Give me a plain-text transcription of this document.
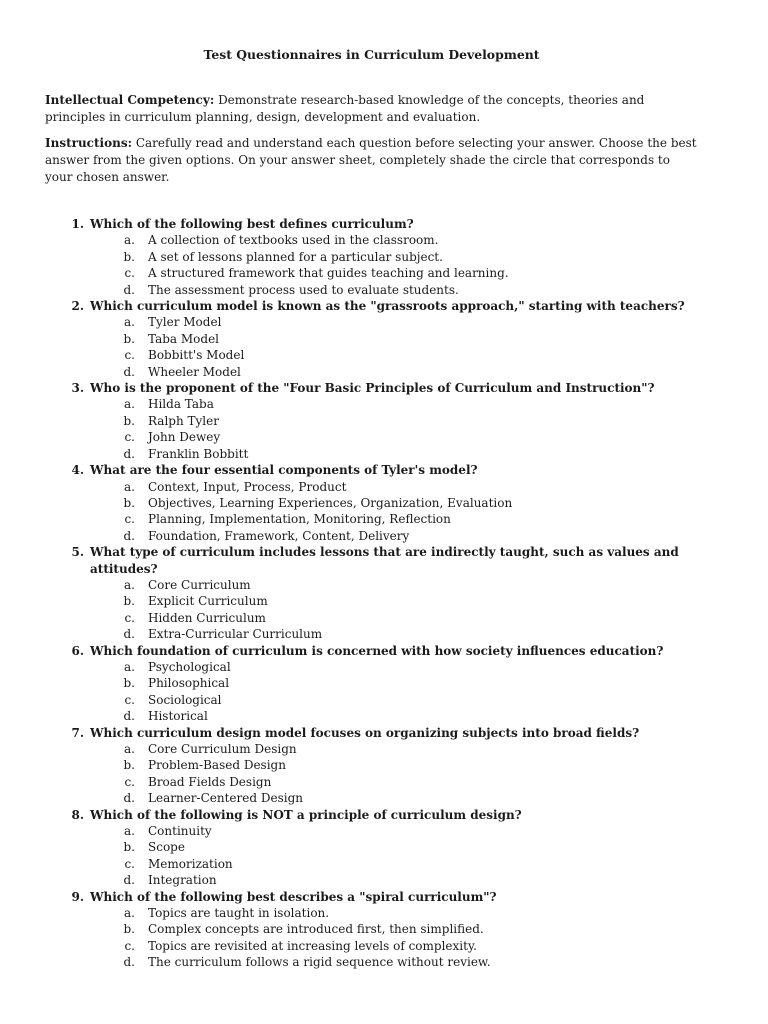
Test Questionnaires in Curriculum Development

Intellectual Competency: Demonstrate research-based knowledge of the concepts, theories and principles in curriculum planning, design, development and evaluation.

Instructions: Carefully read and understand each question before selecting your answer. Choose the best answer from the given options. On your answer sheet, completely shade the circle that corresponds to your chosen answer.

1. Which of the following best defines curriculum?
a.	A collection of textbooks used in the classroom.
b.	A set of lessons planned for a particular subject.
c.	A structured framework that guides teaching and learning.
d.	The assessment process used to evaluate students.
2. Which curriculum model is known as the "grassroots approach," starting with teachers?
a.	Tyler Model
b.	Taba Model
c.	Bobbitt's Model
d.	Wheeler Model
3. Who is the proponent of the "Four Basic Principles of Curriculum and Instruction"?
a.	Hilda Taba
b.	Ralph Tyler
c.	John Dewey
d.	Franklin Bobbitt
4. What are the four essential components of Tyler's model?
a.	Context, Input, Process, Product
b.	Objectives, Learning Experiences, Organization, Evaluation
c.	Planning, Implementation, Monitoring, Reflection
d.	Foundation, Framework, Content, Delivery
5. What type of curriculum includes lessons that are indirectly taught, such as values and attitudes?
a.	Core Curriculum
b.	Explicit Curriculum
c.	Hidden Curriculum
d.	Extra-Curricular Curriculum
6. Which foundation of curriculum is concerned with how society influences education?
a.	Psychological
b.	Philosophical
c.	Sociological
d.	Historical
7. Which curriculum design model focuses on organizing subjects into broad fields?
a.	Core Curriculum Design
b.	Problem-Based Design
c.	Broad Fields Design
d.	Learner-Centered Design
8. Which of the following is NOT a principle of curriculum design?
a.	Continuity
b.	Scope
c.	Memorization
d.	Integration
9. Which of the following best describes a "spiral curriculum"?
a.	Topics are taught in isolation.
b.	Complex concepts are introduced first, then simplified.
c.	Topics are revisited at increasing levels of complexity.
d.	The curriculum follows a rigid sequence without review.
